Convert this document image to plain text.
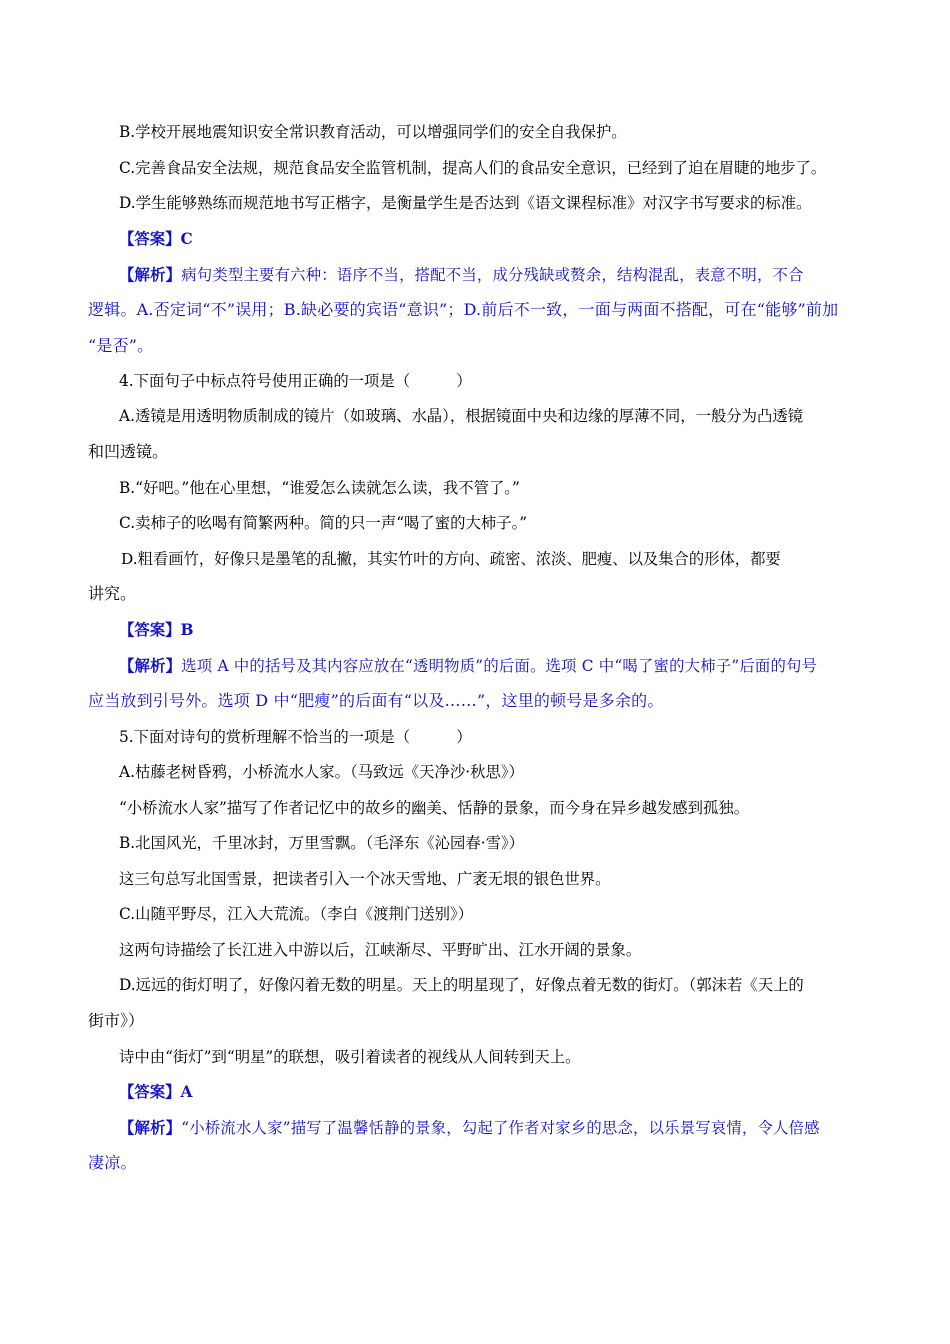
B.学校开展地震知识安全常识教育活动，可以增强同学们的安全自我保护。
C.完善食品安全法规，规范食品安全监管机制，提高人们的食品安全意识，已经到了迫在眉睫的地步了。
D.学生能够熟练而规范地书写正楷字，是衡量学生是否达到《语文课程标准》对汉字书写要求的标准。
【答案】C
【解析】病句类型主要有六种：语序不当，搭配不当，成分残缺或赘余，结构混乱，表意不明，不合
逻辑。A.否定词“不”误用；B.缺必要的宾语“意识”；D.前后不一致，一面与两面不搭配，可在“能够”前加
“是否”。
4.下面句子中标点符号使用正确的一项是（　　　）
A.透镜是用透明物质制成的镜片（如玻璃、水晶），根据镜面中央和边缘的厚薄不同，一般分为凸透镜
和凹透镜。
B.“好吧。”他在心里想，“谁爱怎么读就怎么读，我不管了。”
C.卖柿子的吆喝有简繁两种。简的只一声“喝了蜜的大柿子。”
D.粗看画竹，好像只是墨笔的乱撇，其实竹叶的方向、疏密、浓淡、肥瘦、以及集合的形体，都要
讲究。
【答案】B
【解析】选项 A 中的括号及其内容应放在“透明物质”的后面。选项 C 中“喝了蜜的大柿子”后面的句号
应当放到引号外。选项 D 中“肥瘦”的后面有“以及……”，这里的顿号是多余的。
5.下面对诗句的赏析理解不恰当的一项是（　　　）
A.枯藤老树昏鸦，小桥流水人家。（马致远《天净沙·秋思》）
“小桥流水人家”描写了作者记忆中的故乡的幽美、恬静的景象，而今身在异乡越发感到孤独。
B.北国风光，千里冰封，万里雪飘。（毛泽东《沁园春·雪》）
这三句总写北国雪景，把读者引入一个冰天雪地、广袤无垠的银色世界。
C.山随平野尽，江入大荒流。（李白《渡荆门送别》）
这两句诗描绘了长江进入中游以后，江峡渐尽、平野旷出、江水开阔的景象。
D.远远的街灯明了，好像闪着无数的明星。天上的明星现了，好像点着无数的街灯。（郭沫若《天上的
街市》）
诗中由“街灯”到“明星”的联想，吸引着读者的视线从人间转到天上。
【答案】A
【解析】“小桥流水人家”描写了温馨恬静的景象，勾起了作者对家乡的思念，以乐景写哀情，令人倍感
凄凉。
